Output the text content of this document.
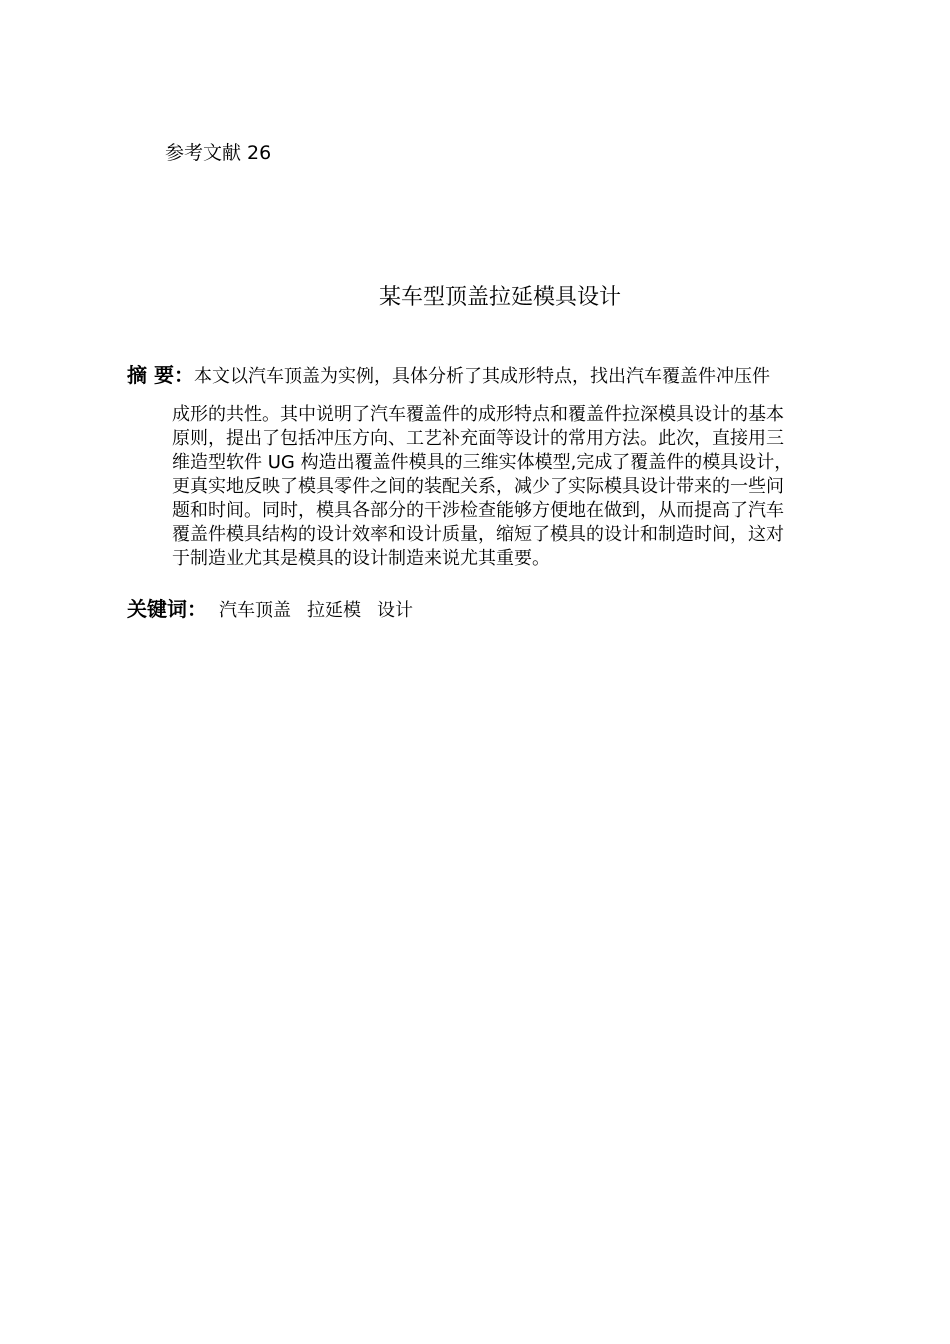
参考文献 26
某车型顶盖拉延模具设计
摘 要：本文以汽车顶盖为实例，具体分析了其成形特点，找出汽车覆盖件冲压件
成形的共性。其中说明了汽车覆盖件的成形特点和覆盖件拉深模具设计的基本
原则，提出了包括冲压方向、工艺补充面等设计的常用方法。此次，直接用三
维造型软件 UG 构造出覆盖件模具的三维实体模型,完成了覆盖件的模具设计，
更真实地反映了模具零件之间的装配关系，减少了实际模具设计带来的一些问
题和时间。同时，模具各部分的干涉检查能够方便地在做到，从而提高了汽车
覆盖件模具结构的设计效率和设计质量，缩短了模具的设计和制造时间，这对
于制造业尤其是模具的设计制造来说尤其重要。
关键词： 汽车顶盖 拉延模 设计
